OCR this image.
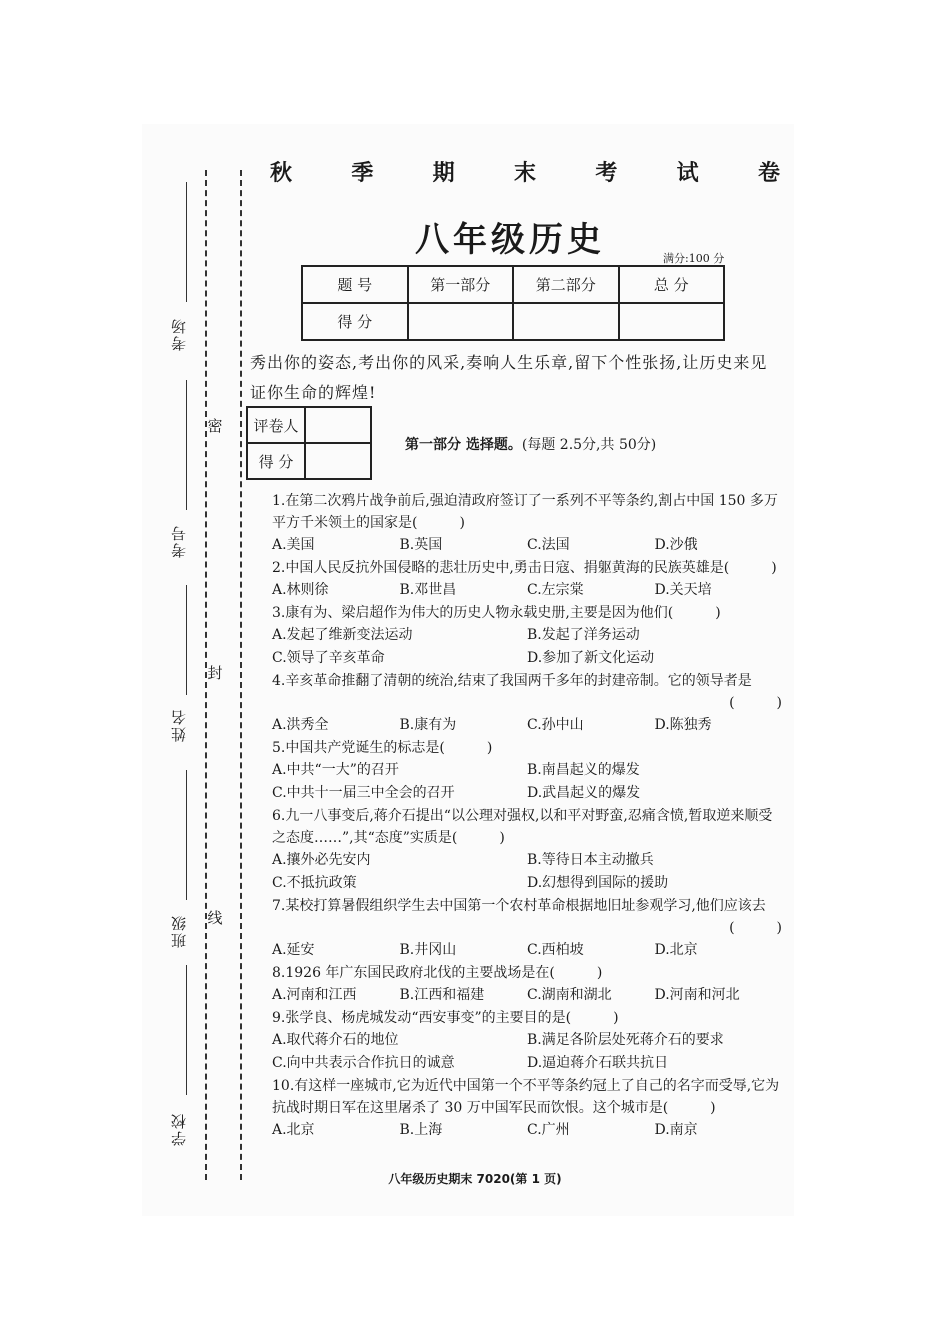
考场
考号
姓名
班级
学校
密
封
线
秋	季	期	末	考	试	卷
八年级历史	满分:100 分
题 号	第一部分	第二部分	总 分
得 分			
秀出你的姿态,考出你的风采,奏响人生乐章,留下个性张扬,让历史来见证你生命的辉煌!
评卷人	
得 分	
第一部分 选择题。(每题 2.5分,共 50分)
1.在第二次鸦片战争前后,强迫清政府签订了一系列不平等条约,割占中国 150 多万平方千米领土的国家是(　　　)
A.美国	B.英国	C.法国	D.沙俄
2.中国人民反抗外国侵略的悲壮历史中,勇击日寇、捐躯黄海的民族英雄是(　　　)
A.林则徐	B.邓世昌	C.左宗棠	D.关天培
3.康有为、梁启超作为伟大的历史人物永载史册,主要是因为他们(　　　)
A.发起了维新变法运动	B.发起了洋务运动
C.领导了辛亥革命	D.参加了新文化运动
4.辛亥革命推翻了清朝的统治,结束了我国两千多年的封建帝制。它的领导者是
(　　　)
A.洪秀全	B.康有为	C.孙中山	D.陈独秀
5.中国共产党诞生的标志是(　　　)
A.中共“一大”的召开	B.南昌起义的爆发
C.中共十一届三中全会的召开	D.武昌起义的爆发
6.九一八事变后,蒋介石提出“以公理对强权,以和平对野蛮,忍痛含愤,暂取逆来顺受之态度……”,其“态度”实质是(　　　)
A.攘外必先安内	B.等待日本主动撤兵
C.不抵抗政策	D.幻想得到国际的援助
7.某校打算暑假组织学生去中国第一个农村革命根据地旧址参观学习,他们应该去
(　　　)
A.延安	B.井冈山	C.西柏坡	D.北京
8.1926 年广东国民政府北伐的主要战场是在(　　　)
A.河南和江西	B.江西和福建	C.湖南和湖北	D.河南和河北
9.张学良、杨虎城发动“西安事变”的主要目的是(　　　)
A.取代蒋介石的地位	B.满足各阶层处死蒋介石的要求
C.向中共表示合作抗日的诚意	D.逼迫蒋介石联共抗日
10.有这样一座城市,它为近代中国第一个不平等条约冠上了自己的名字而受辱,它为抗战时期日军在这里屠杀了 30 万中国军民而饮恨。这个城市是(　　　)
A.北京	B.上海	C.广州	D.南京
八年级历史期末 7020(第 1 页)
